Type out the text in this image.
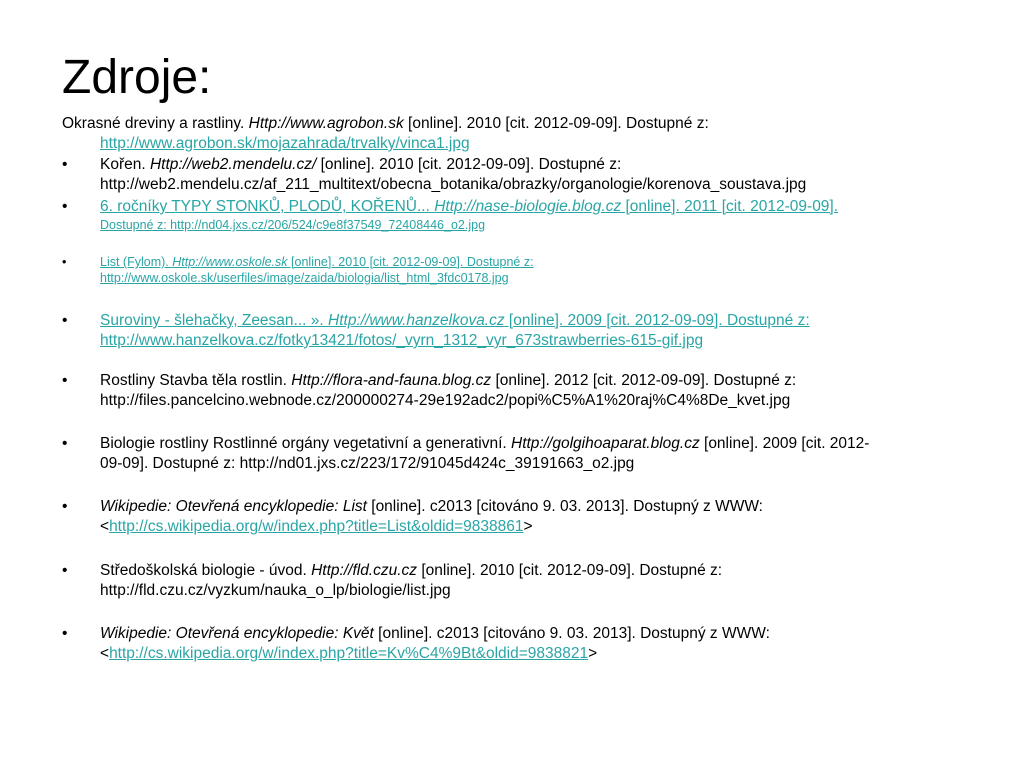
Zdroje:
Okrasné dreviny a rastliny. Http://www.agrobon.sk [online]. 2010 [cit. 2012-09-09]. Dostupné z:
http://www.agrobon.sk/mojazahrada/trvalky/vinca1.jpg
•	Kořen. Http://web2.mendelu.cz/ [online]. 2010 [cit. 2012-09-09]. Dostupné z:
http://web2.mendelu.cz/af_211_multitext/obecna_botanika/obrazky/organologie/korenova_soustava.jpg
•	6. ročníky TYPY STONKŮ, PLODŮ, KOŘENŮ... Http://nase-biologie.blog.cz [online]. 2011 [cit. 2012-09-09].
Dostupné z: http://nd04.jxs.cz/206/524/c9e8f37549_72408446_o2.jpg
•	List (Fylom). Http://www.oskole.sk [online]. 2010 [cit. 2012-09-09]. Dostupné z:
http://www.oskole.sk/userfiles/image/zaida/biologia/list_html_3fdc0178.jpg
•	Suroviny - šlehačky, Zeesan... ». Http://www.hanzelkova.cz [online]. 2009 [cit. 2012-09-09]. Dostupné z:
http://www.hanzelkova.cz/fotky13421/fotos/_vyrn_1312_vyr_673strawberries-615-gif.jpg
•	Rostliny Stavba těla rostlin. Http://flora-and-fauna.blog.cz [online]. 2012 [cit. 2012-09-09]. Dostupné z:
http://files.pancelcino.webnode.cz/200000274-29e192adc2/popi%C5%A1%20raj%C4%8De_kvet.jpg
•	Biologie rostliny Rostlinné orgány vegetativní a generativní. Http://golgihoaparat.blog.cz [online]. 2009 [cit. 2012-
09-09]. Dostupné z: http://nd01.jxs.cz/223/172/91045d424c_39191663_o2.jpg
•	Wikipedie: Otevřená encyklopedie: List [online]. c2013 [citováno 9. 03. 2013]. Dostupný z WWW:
<http://cs.wikipedia.org/w/index.php?title=List&oldid=9838861>
•	Středoškolská biologie - úvod. Http://fld.czu.cz [online]. 2010 [cit. 2012-09-09]. Dostupné z:
http://fld.czu.cz/vyzkum/nauka_o_lp/biologie/list.jpg
•	Wikipedie: Otevřená encyklopedie: Květ [online]. c2013 [citováno 9. 03. 2013]. Dostupný z WWW:
<http://cs.wikipedia.org/w/index.php?title=Kv%C4%9Bt&oldid=9838821>
